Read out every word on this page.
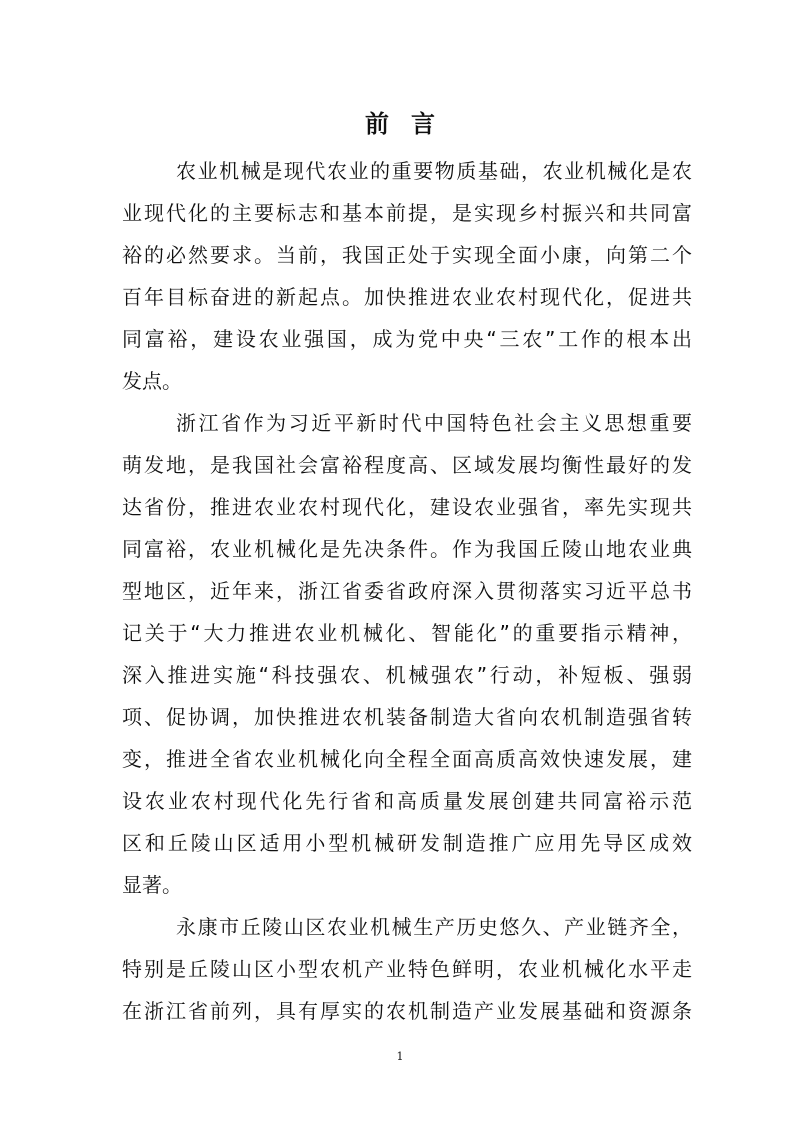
前言
农业机械是现代农业的重要物质基础，农业机械化是农
业现代化的主要标志和基本前提，是实现乡村振兴和共同富
裕的必然要求。当前，我国正处于实现全面小康，向第二个
百年目标奋进的新起点。加快推进农业农村现代化，促进共
同富裕，建设农业强国，成为党中央“三农”工作的根本出
发点。
浙江省作为习近平新时代中国特色社会主义思想重要
萌发地，是我国社会富裕程度高、区域发展均衡性最好的发
达省份，推进农业农村现代化，建设农业强省，率先实现共
同富裕，农业机械化是先决条件。作为我国丘陵山地农业典
型地区，近年来，浙江省委省政府深入贯彻落实习近平总书
记关于“大力推进农业机械化、智能化”的重要指示精神，
深入推进实施“科技强农、机械强农”行动，补短板、强弱
项、促协调，加快推进农机装备制造大省向农机制造强省转
变，推进全省农业机械化向全程全面高质高效快速发展，建
设农业农村现代化先行省和高质量发展创建共同富裕示范
区和丘陵山区适用小型机械研发制造推广应用先导区成效
显著。
永康市丘陵山区农业机械生产历史悠久、产业链齐全，
特别是丘陵山区小型农机产业特色鲜明，农业机械化水平走
在浙江省前列，具有厚实的农机制造产业发展基础和资源条
1
